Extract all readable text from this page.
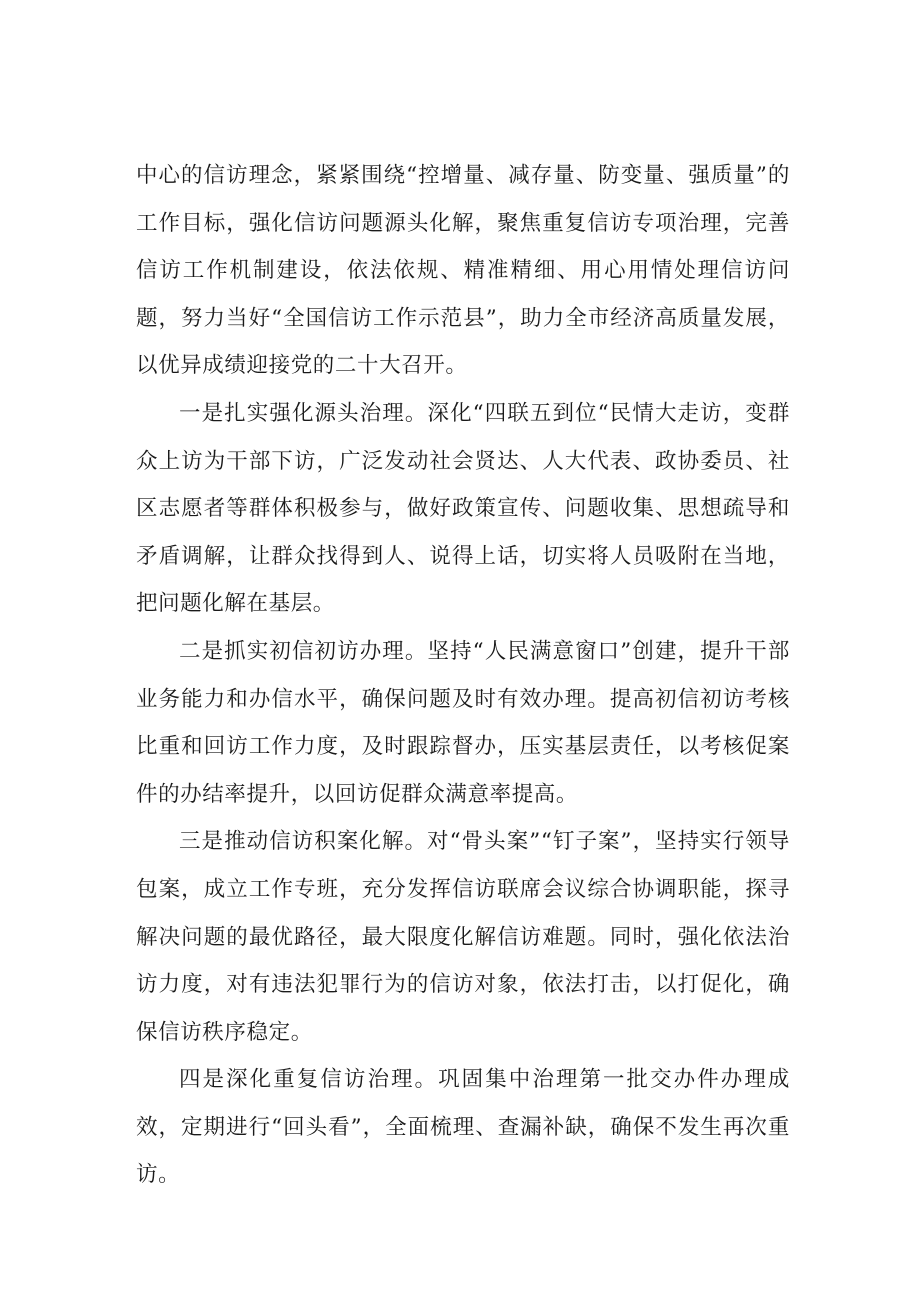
中心的信访理念，紧紧围绕“控增量、减存量、防变量、强质量”的工作目标，强化信访问题源头化解，聚焦重复信访专项治理，完善信访工作机制建设，依法依规、精准精细、用心用情处理信访问题，努力当好“全国信访工作示范县”，助力全市经济高质量发展，以优异成绩迎接党的二十大召开。

一是扎实强化源头治理。深化“四联五到位“民情大走访，变群众上访为干部下访，广泛发动社会贤达、人大代表、政协委员、社区志愿者等群体积极参与，做好政策宣传、问题收集、思想疏导和矛盾调解，让群众找得到人、说得上话，切实将人员吸附在当地，把问题化解在基层。

二是抓实初信初访办理。坚持“人民满意窗口”创建，提升干部业务能力和办信水平，确保问题及时有效办理。提高初信初访考核比重和回访工作力度，及时跟踪督办，压实基层责任，以考核促案件的办结率提升，以回访促群众满意率提高。

三是推动信访积案化解。对“骨头案”“钉子案”，坚持实行领导包案，成立工作专班，充分发挥信访联席会议综合协调职能，探寻解决问题的最优路径，最大限度化解信访难题。同时，强化依法治访力度，对有违法犯罪行为的信访对象，依法打击，以打促化，确保信访秩序稳定。

四是深化重复信访治理。巩固集中治理第一批交办件办理成效，定期进行“回头看”，全面梳理、查漏补缺，确保不发生再次重访。
